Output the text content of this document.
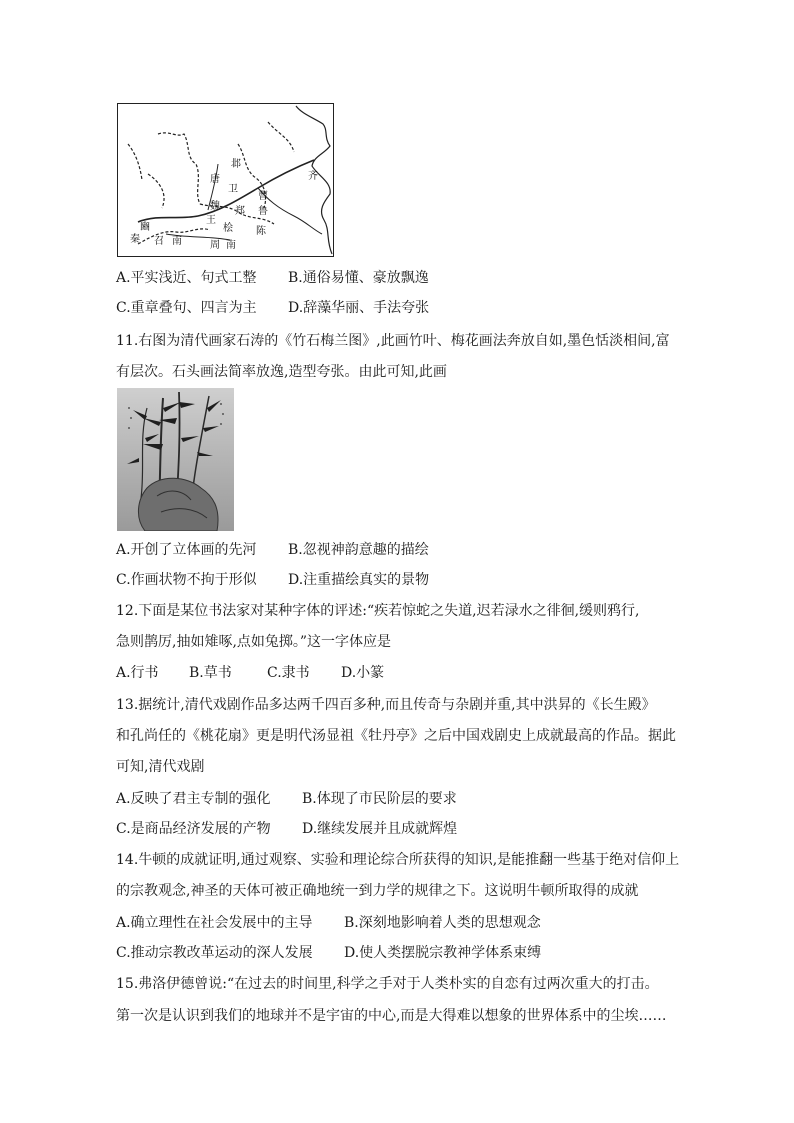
邶
齐
唐
卫
曹
魏 郑 鲁
王
豳	桧 陈
秦 召 南	周 南
A.平实浅近、句式工整 B.通俗易懂、豪放飘逸
C.重章叠句、四言为主 D.辞藻华丽、手法夸张
11.右图为清代画家石涛的《竹石梅兰图》,此画竹叶、梅花画法奔放自如,墨色恬淡相间,富
有层次。石头画法简率放逸,造型夸张。由此可知,此画
A.开创了立体画的先河 B.忽视神韵意趣的描绘
C.作画状物不拘于形似 D.注重描绘真实的景物
12.下面是某位书法家对某种字体的评述:“疾若惊蛇之失道,迟若渌水之徘徊,缓则鸦行,
急则鹊厉,抽如雉啄,点如兔掷。”这一字体应是
A.行书 B.草书	C.隶书 D.小篆
13.据统计,清代戏剧作品多达两千四百多种,而且传奇与杂剧并重,其中洪昇的《长生殿》
和孔尚任的《桃花扇》更是明代汤显祖《牡丹亭》之后中国戏剧史上成就最高的作品。据此
可知,清代戏剧
A.反映了君主专制的强化 B.体现了市民阶层的要求
C.是商品经济发展的产物 D.继续发展并且成就辉煌
14.牛顿的成就证明,通过观察、实验和理论综合所获得的知识,是能推翻一些基于绝对信仰上
的宗教观念,神圣的天体可被正确地统一到力学的规律之下。这说明牛顿所取得的成就
A.确立理性在社会发展中的主导 B.深刻地影响着人类的思想观念
C.推动宗教改革运动的深人发展 D.使人类摆脱宗教神学体系束缚
15.弗洛伊德曾说:“在过去的时间里,科学之手对于人类朴实的自恋有过两次重大的打击。
第一次是认识到我们的地球并不是宇宙的中心,而是大得难以想象的世界体系中的尘埃……
